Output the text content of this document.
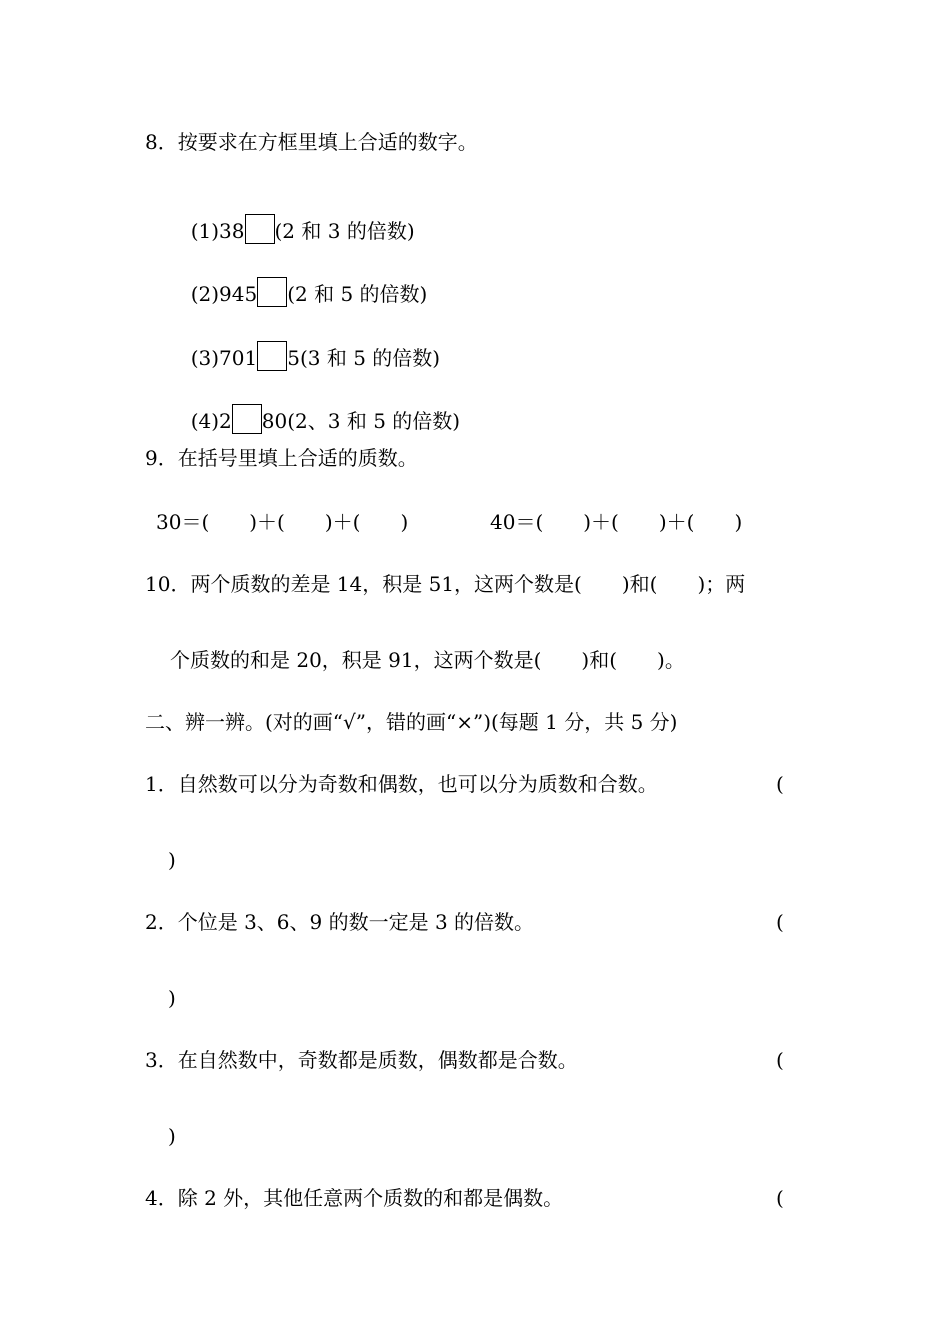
8．按要求在方框里填上合适的数字。

(1)38 (2 和 3 的倍数)

(2)945 (2 和 5 的倍数)

(3)701 5(3 和 5 的倍数)

(4)2 80(2、3 和 5 的倍数)

9．在括号里填上合适的质数。
30＝(　　)＋(　　)＋(　　)	40＝(　　)＋(　　)＋(　　)
10．两个质数的差是 14，积是 51，这两个数是(　　)和(　　)；两
个质数的和是 20，积是 91，这两个数是(　　)和(　　)。
二、辨一辨。(对的画“√”，错的画“×”)(每题 1 分，共 5 分)
1．自然数可以分为奇数和偶数，也可以分为质数和合数。	(
)
2．个位是 3、6、9 的数一定是 3 的倍数。	(
)
3．在自然数中，奇数都是质数，偶数都是合数。	(
)
4．除 2 外，其他任意两个质数的和都是偶数。	(
